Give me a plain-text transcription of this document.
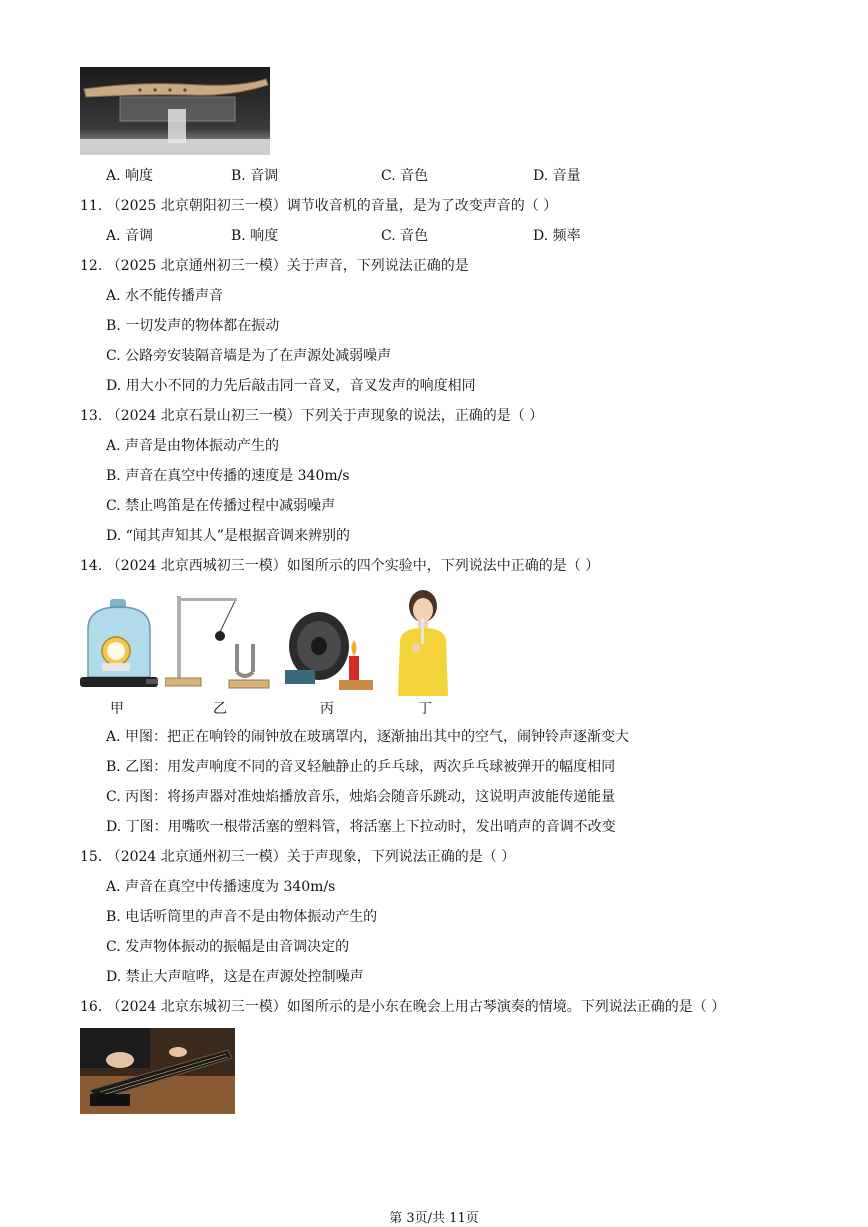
A. 响度	B. 音调	C. 音色	D. 音量
11. （2025 北京朝阳初三一模）调节收音机的音量，是为了改变声音的（ ）
A. 音调	B. 响度	C. 音色	D. 频率
12. （2025 北京通州初三一模）关于声音，下列说法正确的是
A. 水不能传播声音
B. 一切发声的物体都在振动
C. 公路旁安装隔音墙是为了在声源处减弱噪声
D. 用大小不同的力先后敲击同一音叉，音叉发声的响度相同
13. （2024 北京石景山初三一模）下列关于声现象的说法，正确的是（ ）
A. 声音是由物体振动产生的
B. 声音在真空中传播的速度是 340m/s
C. 禁止鸣笛是在传播过程中减弱噪声
D. “闻其声知其人”是根据音调来辨别的
14. （2024 北京西城初三一模）如图所示的四个实验中，下列说法中正确的是（ ）
甲	乙	丙	丁
A. 甲图：把正在响铃的闹钟放在玻璃罩内，逐渐抽出其中的空气，闹钟铃声逐渐变大
B. 乙图：用发声响度不同的音叉轻触静止的乒乓球，两次乒乓球被弹开的幅度相同
C. 丙图：将扬声器对准烛焰播放音乐，烛焰会随音乐跳动，这说明声波能传递能量
D. 丁图：用嘴吹一根带活塞的塑料管，将活塞上下拉动时，发出哨声的音调不改变
15. （2024 北京通州初三一模）关于声现象，下列说法正确的是（ ）
A. 声音在真空中传播速度为 340m/s
B. 电话听筒里的声音不是由物体振动产生的
C. 发声物体振动的振幅是由音调决定的
D. 禁止大声喧哗，这是在声源处控制噪声
16. （2024 北京东城初三一模）如图所示的是小东在晚会上用古琴演奏的情境。下列说法正确的是（ ）
第 3页/共 11页
